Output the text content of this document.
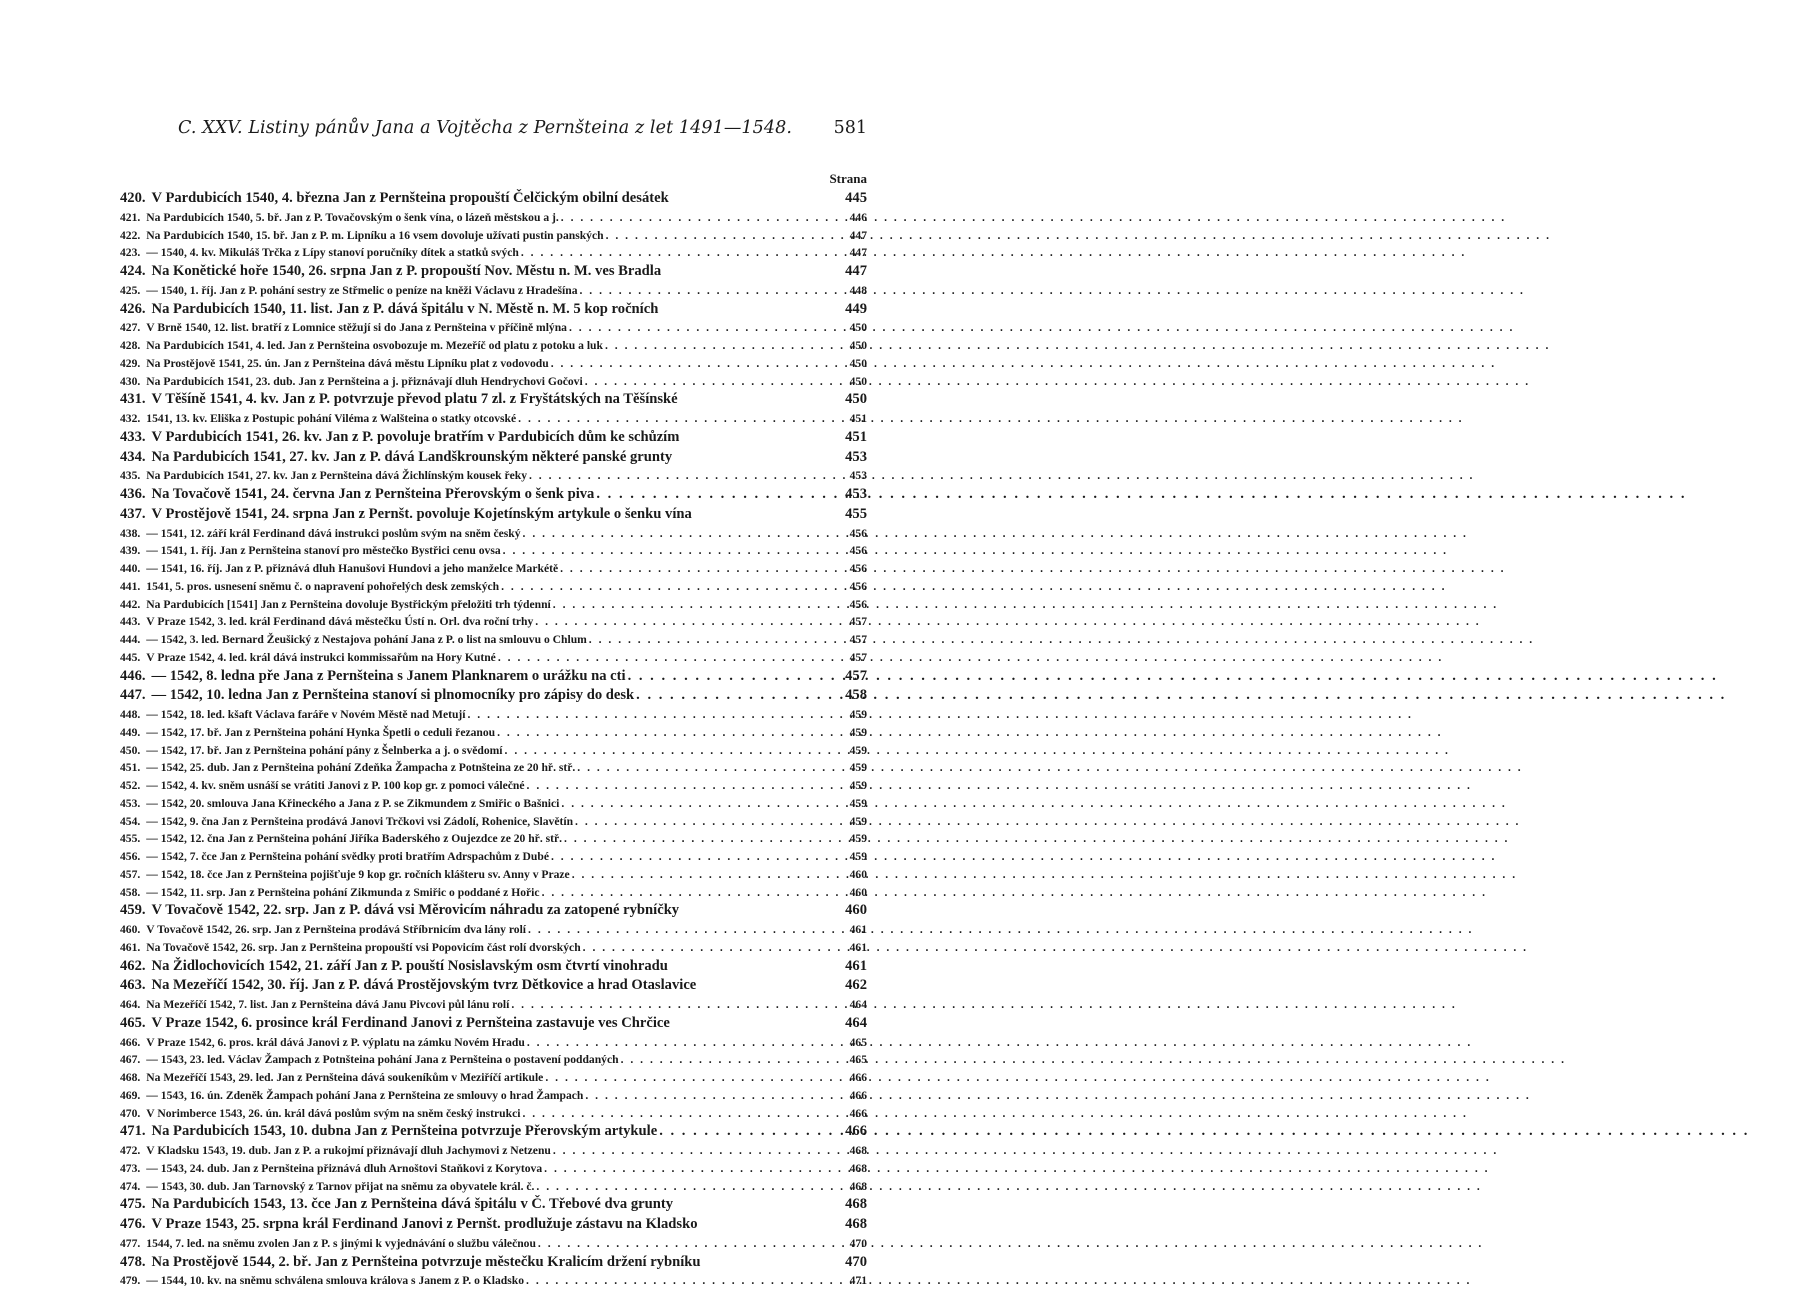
C. XXV. Listiny pánův Jana a Vojtěcha z Pernšteina z let 1491—1548. 581
Strana
420. V Pardubicích 1540, 4. března Jan z Pernšteina propouští Čelčickým obilní desátek	445
421. Na Pardubicích 1540, 5. bř. Jan z P. Tovačovským o šenk vína, o lázeň městskou a j. . . .	446
422. Na Pardubicích 1540, 15. bř. Jan z P. m. Lipníku a 16 vsem dovoluje užívati pustin panských . . .	447
423. — 1540, 4. kv. Mikuláš Trčka z Lípy stanoví poručníky dítek a statků svých . . .	447
424. Na Konětické hoře 1540, 26. srpna Jan z P. propouští Nov. Městu n. M. ves Bradla	447
425. — 1540, 1. říj. Jan z P. pohání sestry ze Střmelic o peníze na kněži Václavu z Hradešína . . .	448
426. Na Pardubicích 1540, 11. list. Jan z P. dává špitálu v N. Městě n. M. 5 kop ročních	449
427. V Brně 1540, 12. list. bratří z Lomnice stěžují si do Jana z Pernšteina v příčině mlýna . . .	450
428. Na Pardubicích 1541, 4. led. Jan z Pernšteina osvobozuje m. Mezeříč od platu z potoku a luk . . .	450
429. Na Prostějově 1541, 25. ún. Jan z Pernšteina dává městu Lipníku plat z vodovodu . . .	450
430. Na Pardubicích 1541, 23. dub. Jan z Pernšteina a j. přiznávají dluh Hendrychovi Gočovi . . .	450
431. V Těšíně 1541, 4. kv. Jan z P. potvrzuje převod platu 7 zl. z Fryštátských na Těšínské	450
432. 1541, 13. kv. Eliška z Postupic pohání Viléma z Walšteina o statky otcovské . . .	451
433. V Pardubicích 1541, 26. kv. Jan z P. povoluje bratřím v Pardubicích dům ke schůzím	451
434. Na Pardubicích 1541, 27. kv. Jan z P. dává Landškrounským některé panské grunty	453
435. Na Pardubicích 1541, 27. kv. Jan z Pernšteina dává Žichlínským kousek řeky . . .	453
436. Na Tovačově 1541, 24. června Jan z Pernšteina Přerovským o šenk piva . . .	453
437. V Prostějově 1541, 24. srpna Jan z Pernšt. povoluje Kojetínským artykule o šenku vína	455
438. — 1541, 12. září král Ferdinand dává instrukci poslům svým na sněm český . . .	456
439. — 1541, 1. říj. Jan z Pernšteina stanoví pro městečko Bystřici cenu ovsa . . .	456
440. — 1541, 16. říj. Jan z P. přiznává dluh Hanušovi Hundovi a jeho manželce Markétě . . .	456
441. 1541, 5. pros. usnesení sněmu č. o napravení pohořelých desk zemských . . .	456
442. Na Pardubicích [1541] Jan z Pernšteina dovoluje Bystřickým přeložiti trh týdenní . . .	456
443. V Praze 1542, 3. led. král Ferdinand dává městečku Ústí n. Orl. dva roční trhy . . .	457
444. — 1542, 3. led. Bernard Žeušický z Nestajova pohání Jana z P. o list na smlouvu o Chlum . . .	457
445. V Praze 1542, 4. led. král dává instrukci kommissařům na Hory Kutné . . .	457
446. — 1542, 8. ledna pře Jana z Pernšteina s Janem Planknarem o urážku na cti . . .	457
447. — 1542, 10. ledna Jan z Pernšteina stanoví si plnomocníky pro zápisy do desk . . .	458
448. — 1542, 18. led. kšaft Václava faráře v Novém Městě nad Metují . . .	459
449. — 1542, 17. bř. Jan z Pernšteina pohání Hynka Špetli o ceduli řezanou . . .	459
450. — 1542, 17. bř. Jan z Pernšteina pohání pány z Šelnberka a j. o svědomí . . .	459
451. — 1542, 25. dub. Jan z Pernšteina pohání Zdeňka Žampacha z Potnšteina ze 20 hř. stř. . . .	459
452. — 1542, 4. kv. sněm usnáší se vrátiti Janovi z P. 100 kop gr. z pomoci válečné . . .	459
453. — 1542, 20. smlouva Jana Křineckého a Jana z P. se Zikmundem z Smiřic o Bašnici . . .	459
454. — 1542, 9. čna Jan z Pernšteina prodává Janovi Trčkovi vsi Zádolí, Rohenice, Slavětín . . .	459
455. — 1542, 12. čna Jan z Pernšteina pohání Jiříka Baderského z Oujezdce ze 20 hř. stř. . . .	459
456. — 1542, 7. čce Jan z Pernšteina pohání svědky proti bratřím Adrspachům z Dubé . . .	459
457. — 1542, 18. čce Jan z Pernšteina pojišťuje 9 kop gr. ročních klášteru sv. Anny v Praze . . .	460
458. — 1542, 11. srp. Jan z Pernšteina pohání Zikmunda z Smiřic o poddané z Hořic . . .	460
459. V Tovačově 1542, 22. srp. Jan z P. dává vsi Měrovicím náhradu za zatopené rybníčky	460
460. V Tovačově 1542, 26. srp. Jan z Pernšteina prodává Stříbrnicím dva lány rolí . . .	461
461. Na Tovačově 1542, 26. srp. Jan z Pernšteina propouští vsi Popovicím část rolí dvorských . . .	461
462. Na Židlochovicích 1542, 21. září Jan z P. pouští Nosislavským osm čtvrtí vinohradu	461
463. Na Mezeříčí 1542, 30. říj. Jan z P. dává Prostějovským tvrz Dětkovice a hrad Otaslavice	462
464. Na Mezeříčí 1542, 7. list. Jan z Pernšteina dává Janu Pivcovi půl lánu rolí . . .	464
465. V Praze 1542, 6. prosince král Ferdinand Janovi z Pernšteina zastavuje ves Chrčice	464
466. V Praze 1542, 6. pros. král dává Janovi z P. výplatu na zámku Novém Hradu . . .	465
467. — 1543, 23. led. Václav Žampach z Potnšteina pohání Jana z Pernšteina o postavení poddaných . . .	465
468. Na Mezeříčí 1543, 29. led. Jan z Pernšteina dává soukeníkům v Meziříčí artikule . . .	466
469. — 1543, 16. ún. Zdeněk Žampach pohání Jana z Pernšteina ze smlouvy o hrad Žampach . . .	466
470. V Norimberce 1543, 26. ún. král dává poslům svým na sněm český instrukci . . .	466
471. Na Pardubicích 1543, 10. dubna Jan z Pernšteina potvrzuje Přerovským artykule . . .	466
472. V Kladsku 1543, 19. dub. Jan z P. a rukojmí přiznávají dluh Jachymovi z Netzenu . . .	468
473. — 1543, 24. dub. Jan z Pernšteina přiznává dluh Arnoštovi Staňkovi z Korytova . . .	468
474. — 1543, 30. dub. Jan Tarnovský z Tarnov přijat na sněmu za obyvatele král. č. . . .	468
475. Na Pardubicích 1543, 13. čce Jan z Pernšteina dává špitálu v Č. Třebové dva grunty	468
476. V Praze 1543, 25. srpna král Ferdinand Janovi z Pernšt. prodlužuje zástavu na Kladsko	468
477. 1544, 7. led. na sněmu zvolen Jan z P. s jinými k vyjednávání o službu válečnou . . .	470
478. Na Prostějově 1544, 2. bř. Jan z Pernšteina potvrzuje městečku Kralicím držení rybníku	470
479. — 1544, 10. kv. na sněmu schválena smlouva králova s Janem z P. o Kladsko . . .	471
